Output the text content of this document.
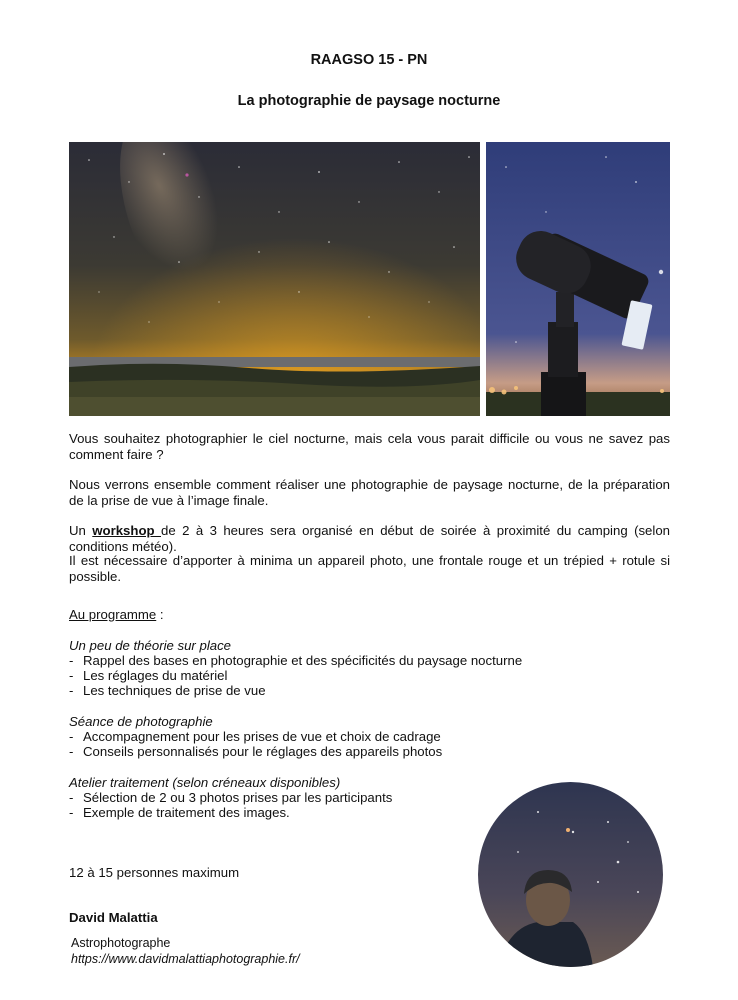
RAAGSO 15 - PN
La photographie de paysage nocturne
Vous souhaitez photographier le ciel nocturne, mais cela vous parait difficile ou vous ne savez pas comment faire ?
Nous verrons ensemble comment réaliser une photographie de paysage nocturne, de la préparation de la prise de vue à l’image finale.
Un workshop de 2 à 3 heures sera organisé en début de soirée à proximité du camping (selon conditions météo).
Il est nécessaire d’apporter à minima un appareil photo, une frontale rouge et un trépied + rotule si possible.
Au programme :
Un peu de théorie sur place
- Rappel des bases en photographie et des spécificités du paysage nocturne
- Les réglages du matériel
- Les techniques de prise de vue
Séance de photographie
- Accompagnement pour les prises de vue et choix de cadrage
- Conseils personnalisés pour le réglages des appareils photos
Atelier traitement (selon créneaux disponibles)
- Sélection de 2 ou 3 photos prises par les participants
- Exemple de traitement des images.
12 à 15 personnes maximum
David Malattia
Astrophotographe
https://www.davidmalattiaphotographie.fr/
